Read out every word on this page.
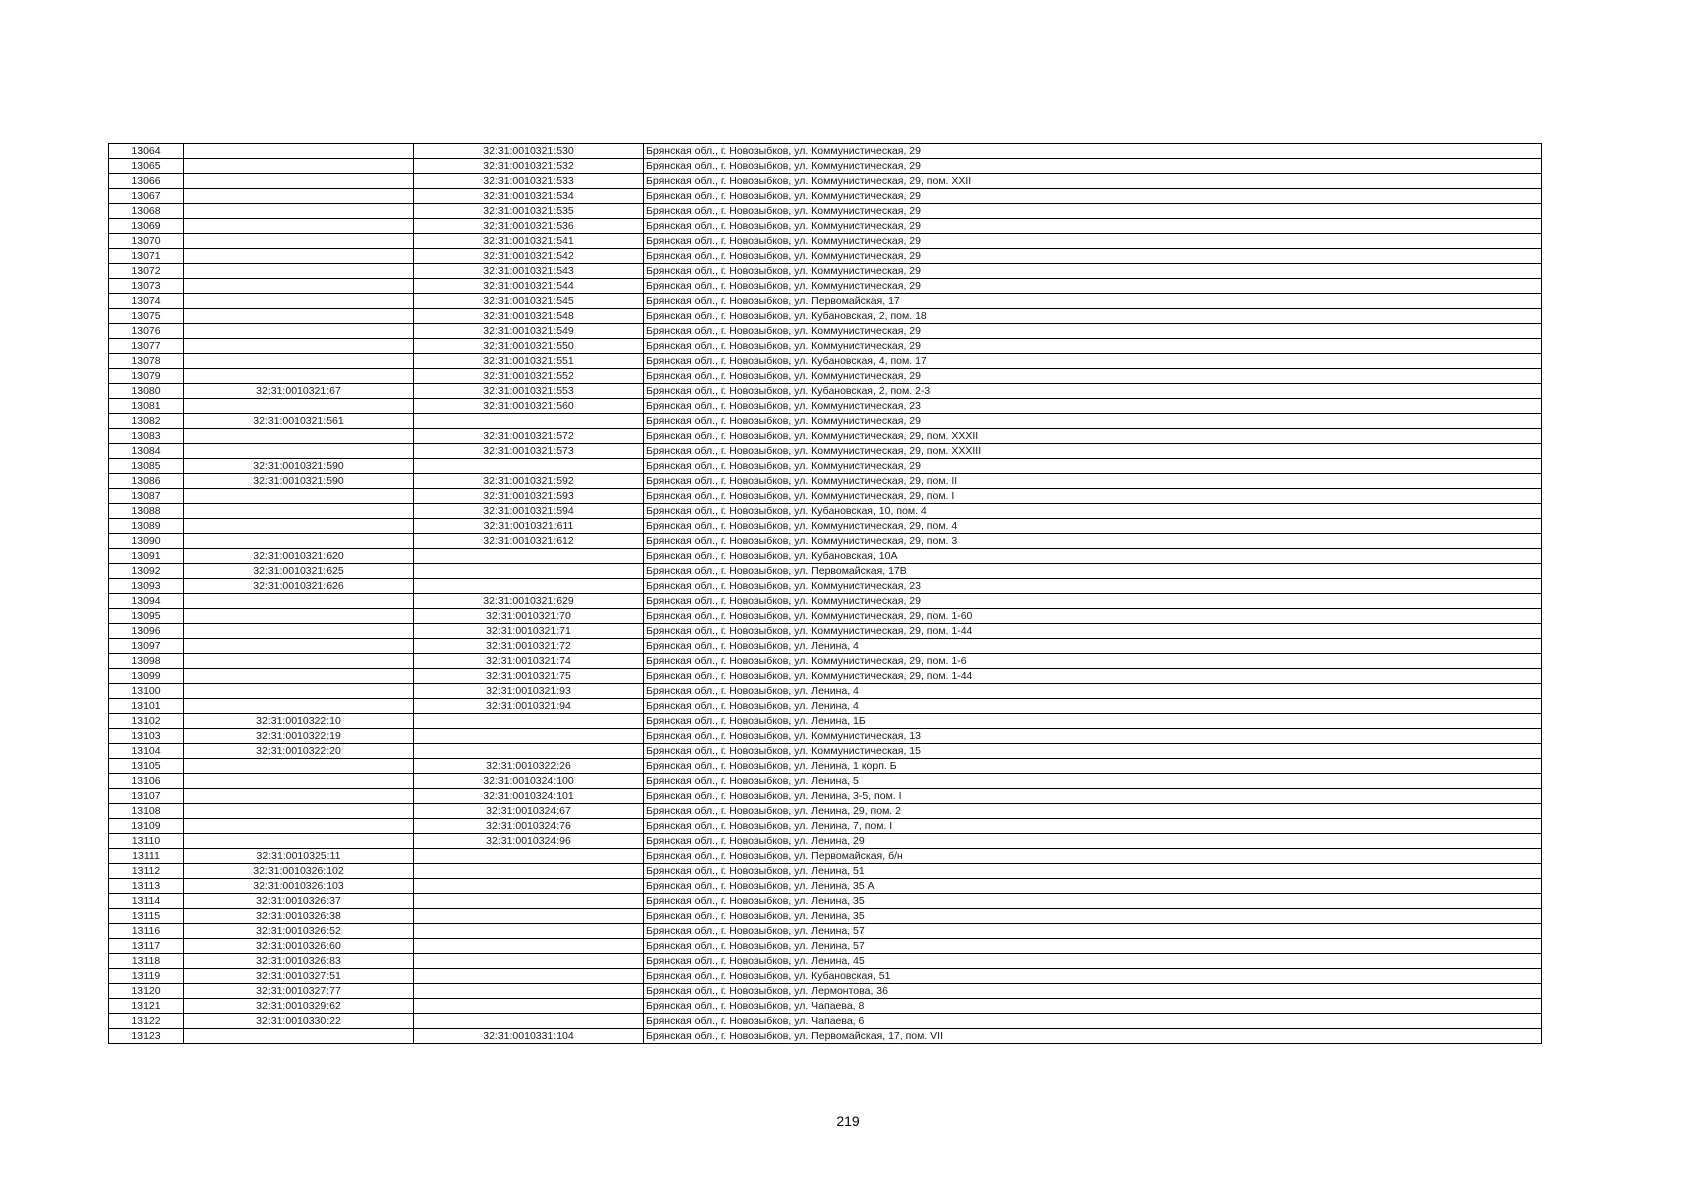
13064		32:31:0010321:530	Брянская обл., г. Новозыбков, ул. Коммунистическая, 29
13065		32:31:0010321:532	Брянская обл., г. Новозыбков, ул. Коммунистическая, 29
13066		32:31:0010321:533	Брянская обл., г. Новозыбков, ул. Коммунистическая, 29, пом. XXII
13067		32:31:0010321:534	Брянская обл., г. Новозыбков, ул. Коммунистическая, 29
13068		32:31:0010321:535	Брянская обл., г. Новозыбков, ул. Коммунистическая, 29
13069		32:31:0010321:536	Брянская обл., г. Новозыбков, ул. Коммунистическая, 29
13070		32:31:0010321:541	Брянская обл., г. Новозыбков, ул. Коммунистическая, 29
13071		32:31:0010321:542	Брянская обл., г. Новозыбков, ул. Коммунистическая, 29
13072		32:31:0010321:543	Брянская обл., г. Новозыбков, ул. Коммунистическая, 29
13073		32:31:0010321:544	Брянская обл., г. Новозыбков, ул. Коммунистическая, 29
13074		32:31:0010321:545	Брянская обл., г. Новозыбков, ул. Первомайская, 17
13075		32:31:0010321:548	Брянская обл., г. Новозыбков, ул. Кубановская, 2, пом. 18
13076		32:31:0010321:549	Брянская обл., г. Новозыбков, ул. Коммунистическая, 29
13077		32:31:0010321:550	Брянская обл., г. Новозыбков, ул. Коммунистическая, 29
13078		32:31:0010321:551	Брянская обл., г. Новозыбков, ул. Кубановская, 4, пом. 17
13079		32:31:0010321:552	Брянская обл., г. Новозыбков, ул. Коммунистическая, 29
13080	32:31:0010321:67	32:31:0010321:553	Брянская обл., г. Новозыбков, ул. Кубановская, 2, пом. 2-3
13081		32:31:0010321:560	Брянская обл., г. Новозыбков, ул. Коммунистическая, 23
13082	32:31:0010321:561		Брянская обл., г. Новозыбков, ул. Коммунистическая, 29
13083		32:31:0010321:572	Брянская обл., г. Новозыбков, ул. Коммунистическая, 29, пом. XXXII
13084		32:31:0010321:573	Брянская обл., г. Новозыбков, ул. Коммунистическая, 29, пом. XXXIII
13085	32:31:0010321:590		Брянская обл., г. Новозыбков, ул. Коммунистическая, 29
13086	32:31:0010321:590	32:31:0010321:592	Брянская обл., г. Новозыбков, ул. Коммунистическая, 29, пом. II
13087		32:31:0010321:593	Брянская обл., г. Новозыбков, ул. Коммунистическая, 29, пом. I
13088		32:31:0010321:594	Брянская обл., г. Новозыбков, ул. Кубановская, 10, пом. 4
13089		32:31:0010321:611	Брянская обл., г. Новозыбков, ул. Коммунистическая, 29, пом. 4
13090		32:31:0010321:612	Брянская обл., г. Новозыбков, ул. Коммунистическая, 29, пом. 3
13091	32:31:0010321:620		Брянская обл., г. Новозыбков, ул. Кубановская, 10А
13092	32:31:0010321:625		Брянская обл., г. Новозыбков, ул. Первомайская, 17В
13093	32:31:0010321:626		Брянская обл., г. Новозыбков, ул. Коммунистическая, 23
13094		32:31:0010321:629	Брянская обл., г. Новозыбков, ул. Коммунистическая, 29
13095		32:31:0010321:70	Брянская обл., г. Новозыбков, ул. Коммунистическая, 29, пом. 1-60
13096		32:31:0010321:71	Брянская обл., г. Новозыбков, ул. Коммунистическая, 29, пом. 1-44
13097		32:31:0010321:72	Брянская обл., г. Новозыбков, ул. Ленина, 4
13098		32:31:0010321:74	Брянская обл., г. Новозыбков, ул. Коммунистическая, 29, пом. 1-6
13099		32:31:0010321:75	Брянская обл., г. Новозыбков, ул. Коммунистическая, 29, пом. 1-44
13100		32:31:0010321:93	Брянская обл., г. Новозыбков, ул. Ленина, 4
13101		32:31:0010321:94	Брянская обл., г. Новозыбков, ул. Ленина, 4
13102	32:31:0010322:10		Брянская обл., г. Новозыбков, ул. Ленина, 1Б
13103	32:31:0010322:19		Брянская обл., г. Новозыбков, ул. Коммунистическая, 13
13104	32:31:0010322:20		Брянская обл., г. Новозыбков, ул. Коммунистическая, 15
13105		32:31:0010322:26	Брянская обл., г. Новозыбков, ул. Ленина, 1 корп. Б
13106		32:31:0010324:100	Брянская обл., г. Новозыбков, ул. Ленина, 5
13107		32:31:0010324:101	Брянская обл., г. Новозыбков, ул. Ленина, 3-5, пом. I
13108		32:31:0010324:67	Брянская обл., г. Новозыбков, ул. Ленина, 29, пом. 2
13109		32:31:0010324:76	Брянская обл., г. Новозыбков, ул. Ленина, 7, пом. I
13110		32:31:0010324:96	Брянская обл., г. Новозыбков, ул. Ленина, 29
13111	32:31:0010325:11		Брянская обл., г. Новозыбков, ул. Первомайская, б/н
13112	32:31:0010326:102		Брянская обл., г. Новозыбков, ул. Ленина, 51
13113	32:31:0010326:103		Брянская обл., г. Новозыбков, ул. Ленина, 35 А
13114	32:31:0010326:37		Брянская обл., г. Новозыбков, ул. Ленина, 35
13115	32:31:0010326:38		Брянская обл., г. Новозыбков, ул. Ленина, 35
13116	32:31:0010326:52		Брянская обл., г. Новозыбков, ул. Ленина, 57
13117	32:31:0010326:60		Брянская обл., г. Новозыбков, ул. Ленина, 57
13118	32:31:0010326:83		Брянская обл., г. Новозыбков, ул. Ленина, 45
13119	32:31:0010327:51		Брянская обл., г. Новозыбков, ул. Кубановская, 51
13120	32:31:0010327:77		Брянская обл., г. Новозыбков, ул. Лермонтова, 36
13121	32:31:0010329:62		Брянская обл., г. Новозыбков, ул. Чапаева, 8
13122	32:31:0010330:22		Брянская обл., г. Новозыбков, ул. Чапаева, 6
13123		32:31:0010331:104	Брянская обл., г. Новозыбков, ул. Первомайская, 17, пом. VII
219
